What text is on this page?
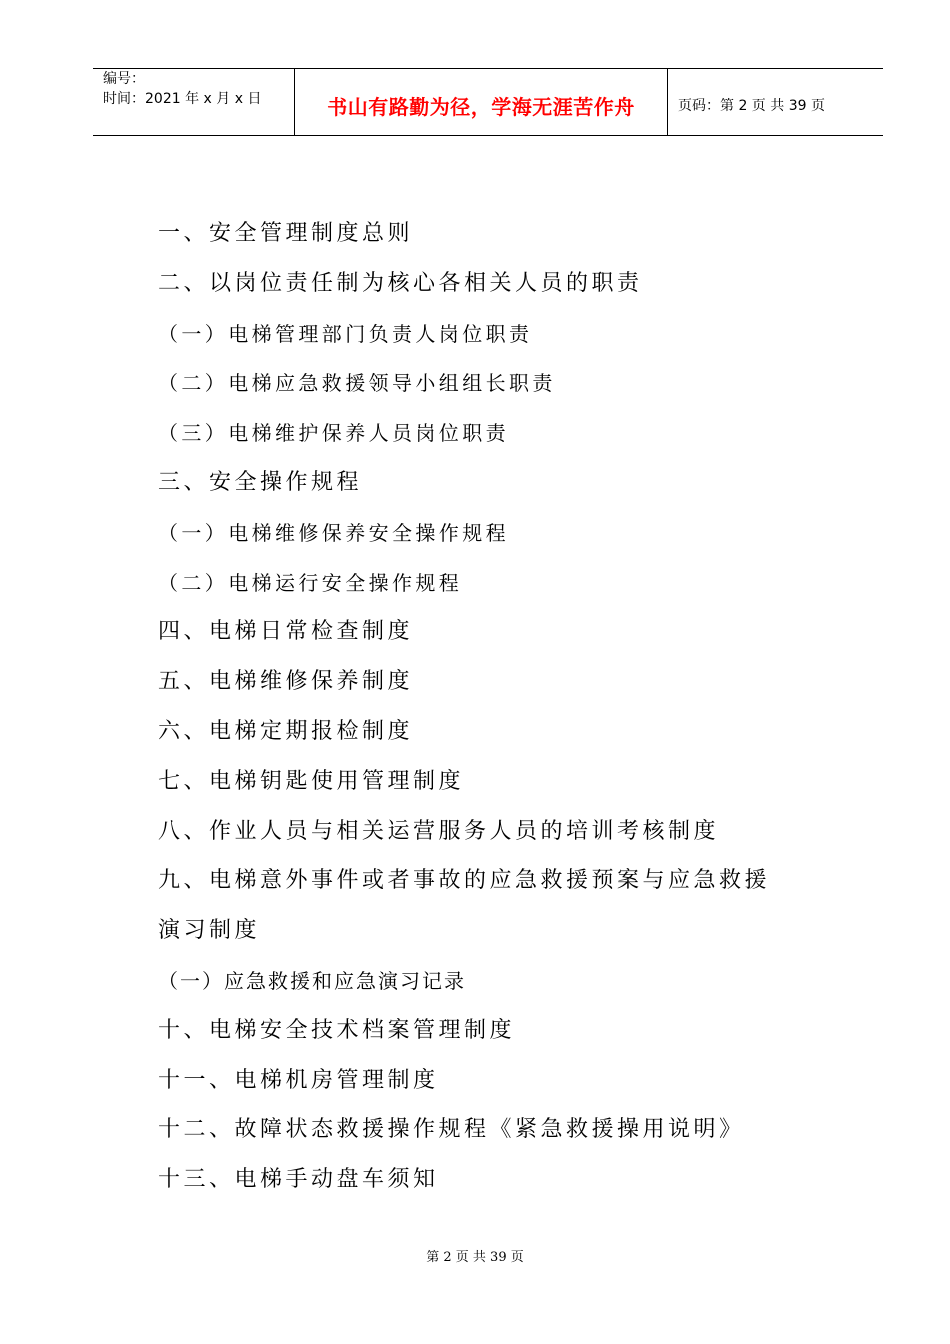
编号：
时间：2021 年 x 月 x 日	书山有路勤为径，学海无涯苦作舟	页码：第 2 页 共 39 页
一、安全管理制度总则
二、以岗位责任制为核心各相关人员的职责
（一）电梯管理部门负责人岗位职责
（二）电梯应急救援领导小组组长职责
（三）电梯维护保养人员岗位职责
三、安全操作规程
（一）电梯维修保养安全操作规程
（二）电梯运行安全操作规程
四、电梯日常检查制度
五、电梯维修保养制度
六、电梯定期报检制度
七、电梯钥匙使用管理制度
八、作业人员与相关运营服务人员的培训考核制度
九、电梯意外事件或者事故的应急救援预案与应急救援
演习制度
（一）应急救援和应急演习记录
十、电梯安全技术档案管理制度
十一、电梯机房管理制度
十二、故障状态救援操作规程《紧急救援操用说明》
十三、电梯手动盘车须知
第 2 页 共 39 页
